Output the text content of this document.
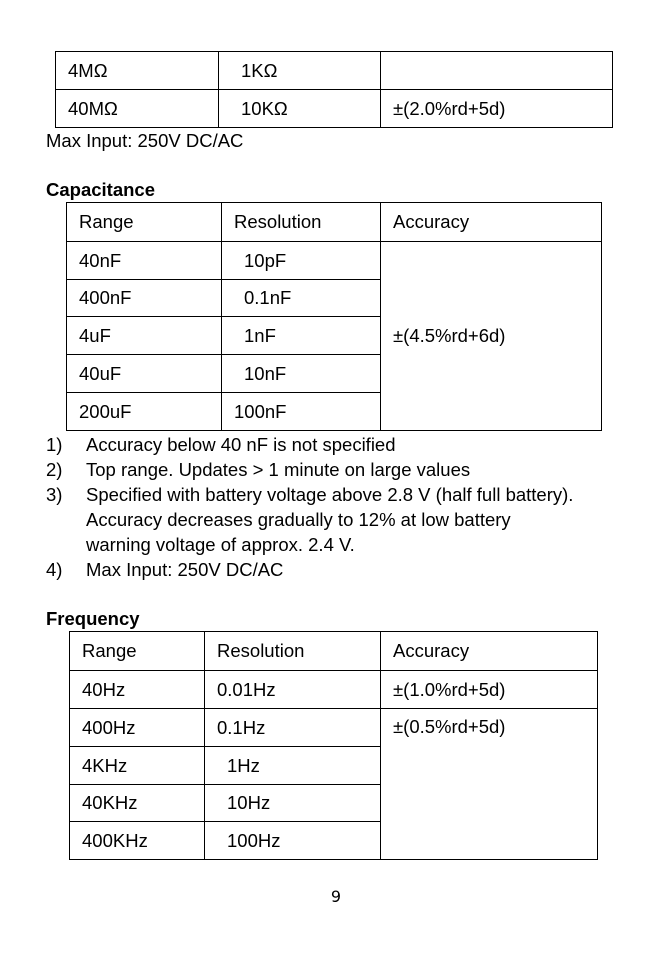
4MΩ	1KΩ	
40MΩ	10KΩ	±(2.0%rd+5d)
Max Input: 250V DC/AC
Capacitance
Range	Resolution	Accuracy
40nF	10pF	±(4.5%rd+6d)
400nF	0.1nF	
4uF	1nF	
40uF	10nF	
200uF	100nF	
1) Accuracy below 40 nF is not specified
2) Top range. Updates > 1 minute on large values
3) Specified with battery voltage above 2.8 V (half full battery).
Accuracy decreases gradually to 12% at low battery
warning voltage of approx. 2.4 V.
4) Max Input: 250V DC/AC
Frequency
Range	Resolution	Accuracy
40Hz	0.01Hz	±(1.0%rd+5d)
400Hz	0.1Hz	±(0.5%rd+5d)
4KHz	1Hz	
40KHz	10Hz	
400KHz	100Hz	
9
